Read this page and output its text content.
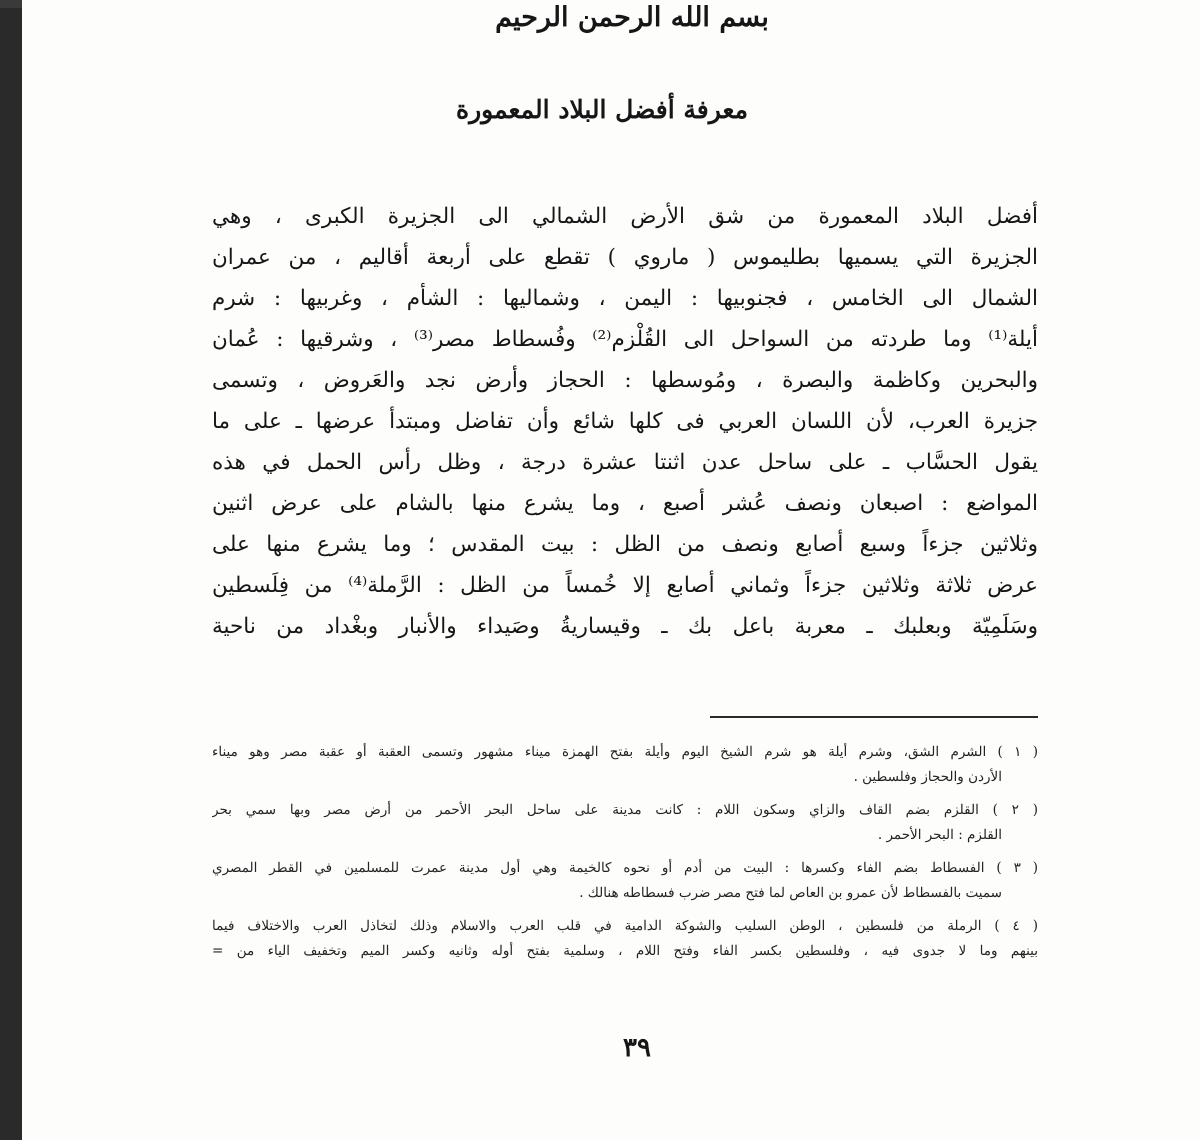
بسم الله الرحمن الرحيم
معرفة أفضل البلاد المعمورة
أفضل البلاد المعمورة من شق الأرض الشمالي الى الجزيرة الكبرى ، وهي
الجزيرة التي يسميها بطليموس ( ماروي ) تقطع على أربعة أقاليم ، من عمران
الشمال الى الخامس ، فجنوبيها : اليمن ، وشماليها : الشأم ، وغربيها : شرم
أيلة⁽¹⁾ وما طردته من السواحل الى القُلْزم⁽²⁾ وفُسطاط مصر⁽³⁾ ، وشرقيها : عُمان
والبحرين وكاظمة والبصرة ، ومُوسطها : الحجاز وأرض نجد والعَروض ، وتسمى
جزيرة العرب، لأن اللسان العربي فى كلها شائع وأن تفاضل ومبتدأ عرضها ـ على ما
يقول الحسَّاب ـ على ساحل عدن اثنتا عشرة درجة ، وظل رأس الحمل في هذه
المواضع : اصبعان ونصف عُشر أصبع ، وما يشرع منها بالشام على عرض اثنين
وثلاثين جزءاً وسبع أصابع ونصف من الظل : بيت المقدس ؛ وما يشرع منها على
عرض ثلاثة وثلاثين جزءاً وثماني أصابع إلا خُمساً من الظل : الرَّملة⁽⁴⁾ من فِلَسطين
وسَلَمِيّة وبعلبك ـ معربة باعل بك ـ وقيساريةُ وصَيداء والأنبار وبغْداد من ناحية
( ١ ) الشرم الشق، وشرم أيلة هو شرم الشيخ اليوم وأيلة بفتح الهمزة ميناء مشهور وتسمى العقبة أو عقبة مصر وهو ميناء
الأردن والحجاز وفلسطين .
( ٢ ) القلزم بضم القاف والزاي وسكون اللام : كانت مدينة على ساحل البحر الأحمر من أرض مصر وبها سمي بحر
القلزم : البحر الأحمر .
( ٣ ) الفسطاط بضم الفاء وكسرها : البيت من أدم أو نحوه كالخيمة وهي أول مدينة عمرت للمسلمين في القطر المصري
سميت بالفسطاط لأن عمرو بن العاص لما فتح مصر ضرب فسطاطه هنالك .
( ٤ ) الرملة من فلسطين ، الوطن السليب والشوكة الدامية في قلب العرب والاسلام وذلك لتخاذل العرب والاختلاف فيما
بينهم وما لا جدوى فيه ، وفلسطين بكسر الفاء وفتح اللام ، وسلمية بفتح أوله وثانيه وكسر الميم وتخفيف الياء من =
٣٩
